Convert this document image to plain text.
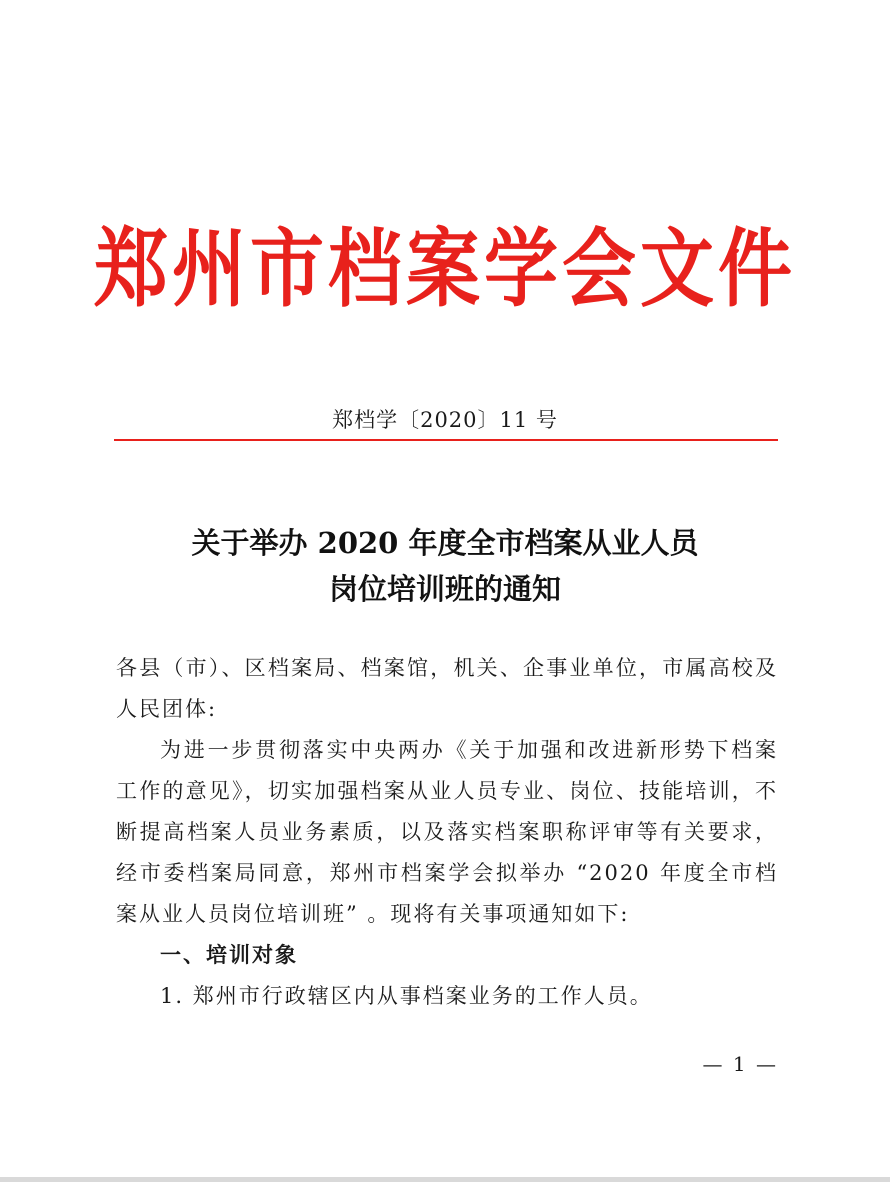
郑州市档案学会文件
郑档学〔2020〕11 号
关于举办 2020 年度全市档案从业人员
岗位培训班的通知

各县（市）、区档案局、档案馆，机关、企事业单位，市属高校及人民团体:

为进一步贯彻落实中央两办《关于加强和改进新形势下档案工作的意见》，切实加强档案从业人员专业、岗位、技能培训，不断提高档案人员业务素质，以及落实档案职称评审等有关要求，经市委档案局同意，郑州市档案学会拟举办 “2020 年度全市档案从业人员岗位培训班” 。现将有关事项通知如下:

一、培训对象

1. 郑州市行政辖区内从事档案业务的工作人员。

— 1 —
